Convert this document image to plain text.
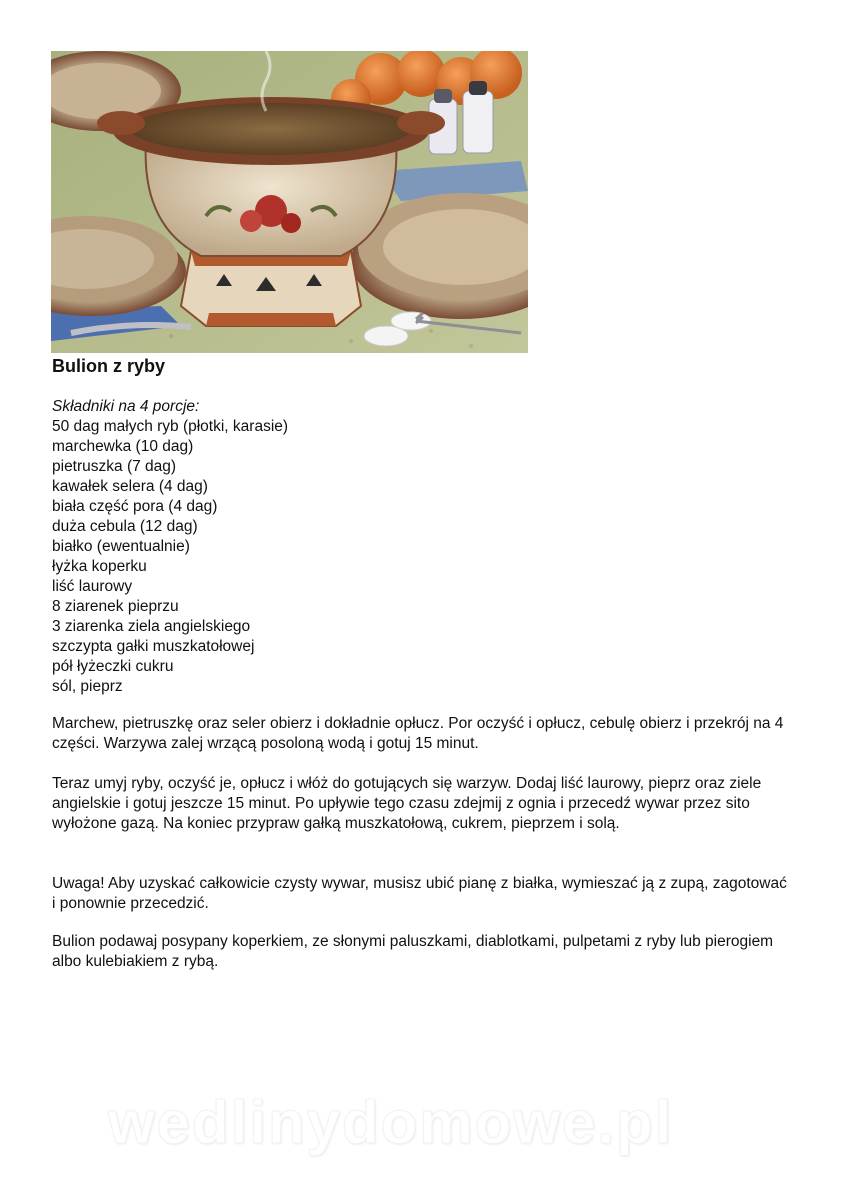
Bulion z ryby
Składniki na 4 porcje:
50 dag małych ryb (płotki, karasie)
marchewka (10 dag)
pietruszka (7 dag)
kawałek selera (4 dag)
biała część pora (4 dag)
duża cebula (12 dag)
białko (ewentualnie)
łyżka koperku
liść laurowy
8 ziarenek pieprzu
3 ziarenka ziela angielskiego
szczypta gałki muszkatołowej
pół łyżeczki cukru
sól, pieprz

Marchew, pietruszkę oraz seler obierz i dokładnie opłucz. Por oczyść i opłucz, cebulę obierz i przekrój na 4 części. Warzywa zalej wrzącą posoloną wodą i gotuj 15 minut.

Teraz umyj ryby, oczyść je, opłucz i włóż do gotujących się warzyw. Dodaj liść laurowy, pieprz oraz ziele angielskie i gotuj jeszcze 15 minut. Po upływie tego czasu zdejmij z ognia i przecedź wywar przez sito wyłożone gazą. Na koniec przypraw gałką muszkatołową, cukrem, pieprzem i solą.

Uwaga! Aby uzyskać całkowicie czysty wywar, musisz ubić pianę z białka, wymieszać ją z zupą, zagotować i ponownie przecedzić.

Bulion podawaj posypany koperkiem, ze słonymi paluszkami, diablotkami, pulpetami z ryby lub pierogiem albo kulebiakiem z rybą.

wedlinydomowe.pl
